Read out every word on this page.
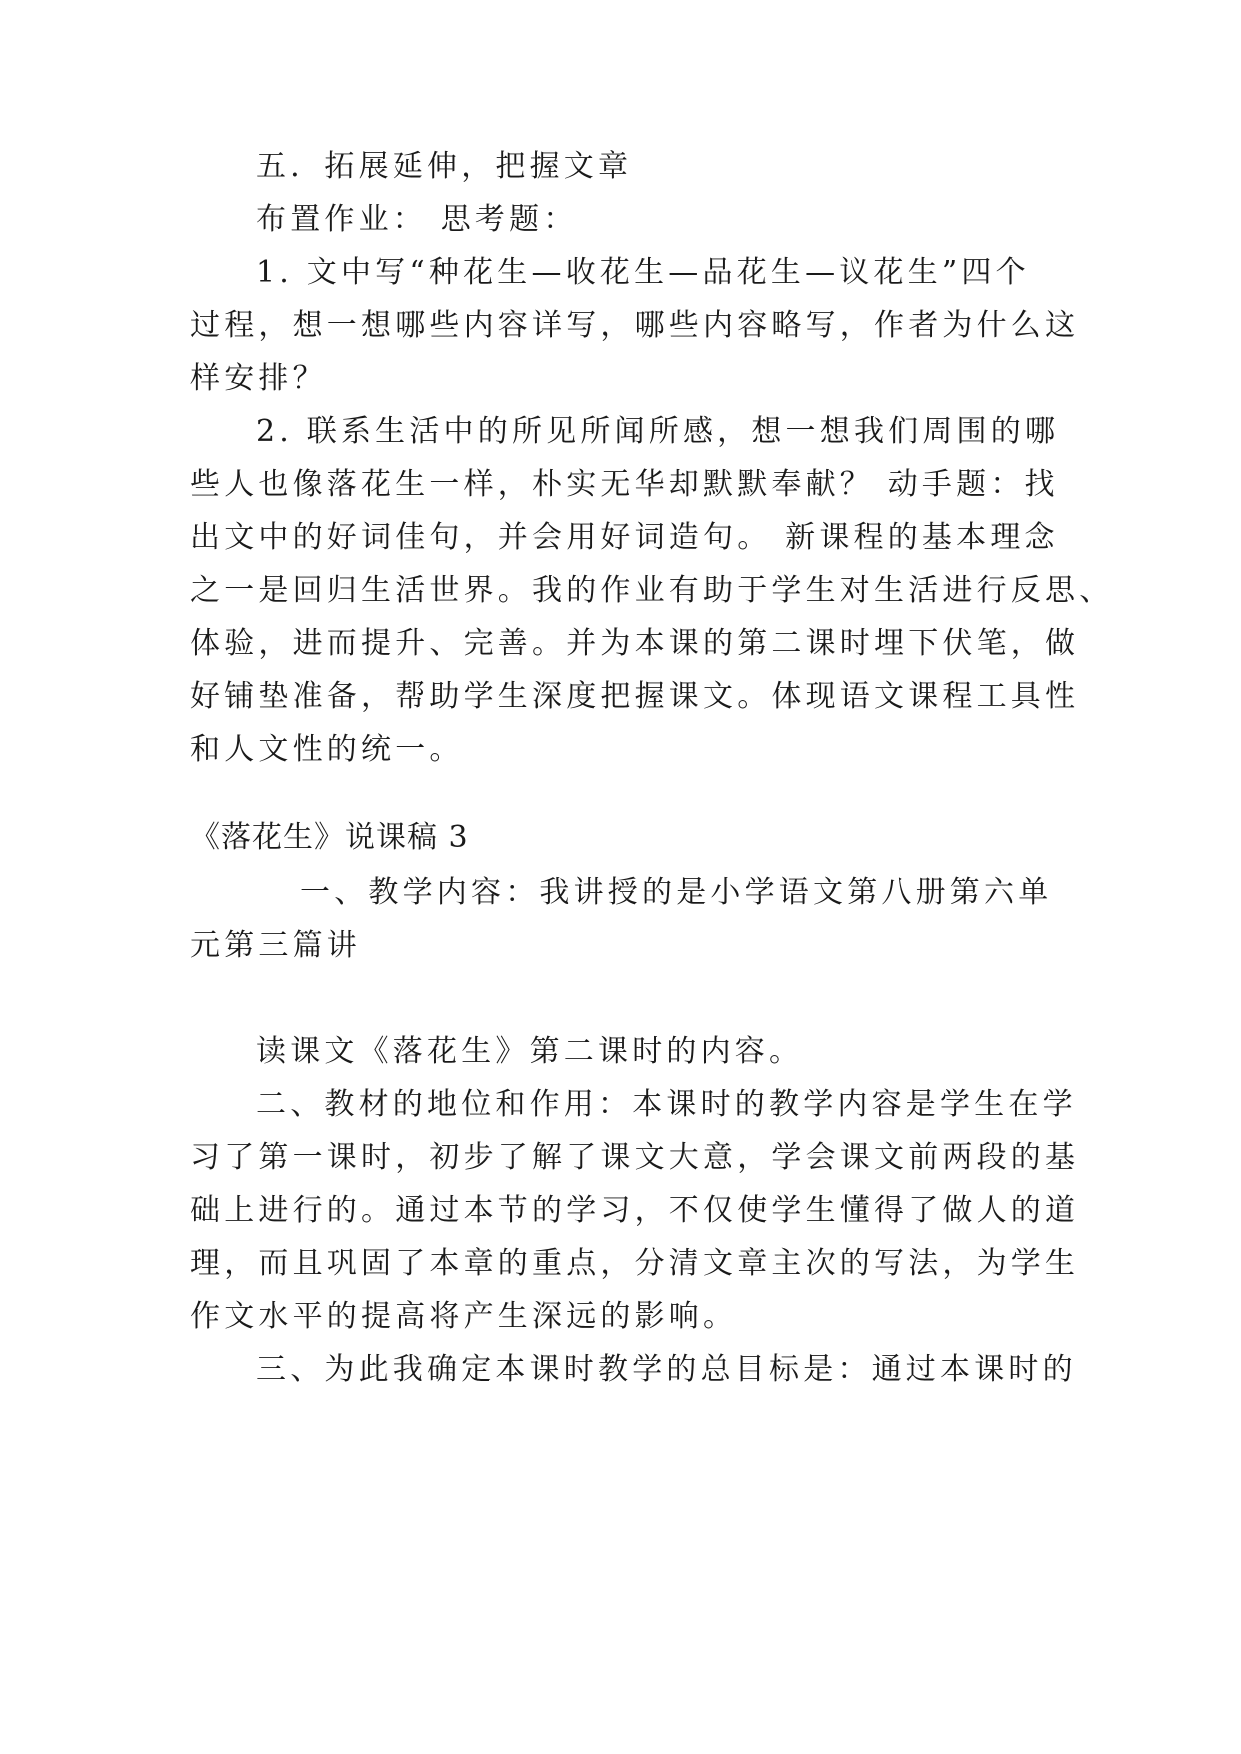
五．拓展延伸，把握文章
布置作业： 思考题：
1. 文中写“种花生—收花生—品花生—议花生”四个
过程，想一想哪些内容详写，哪些内容略写，作者为什么这
样安排？
2. 联系生活中的所见所闻所感，想一想我们周围的哪
些人也像落花生一样，朴实无华却默默奉献？ 动手题：找
出文中的好词佳句，并会用好词造句。 新课程的基本理念
之一是回归生活世界。我的作业有助于学生对生活进行反思、
体验，进而提升、完善。并为本课的第二课时埋下伏笔，做
好铺垫准备，帮助学生深度把握课文。体现语文课程工具性
和人文性的统一。
《落花生》说课稿 3
一、教学内容：我讲授的是小学语文第八册第六单
元第三篇讲
读课文《落花生》第二课时的内容。
二、教材的地位和作用：本课时的教学内容是学生在学
习了第一课时，初步了解了课文大意，学会课文前两段的基
础上进行的。通过本节的学习，不仅使学生懂得了做人的道
理，而且巩固了本章的重点，分清文章主次的写法，为学生
作文水平的提高将产生深远的影响。
三、为此我确定本课时教学的总目标是：通过本课时的
